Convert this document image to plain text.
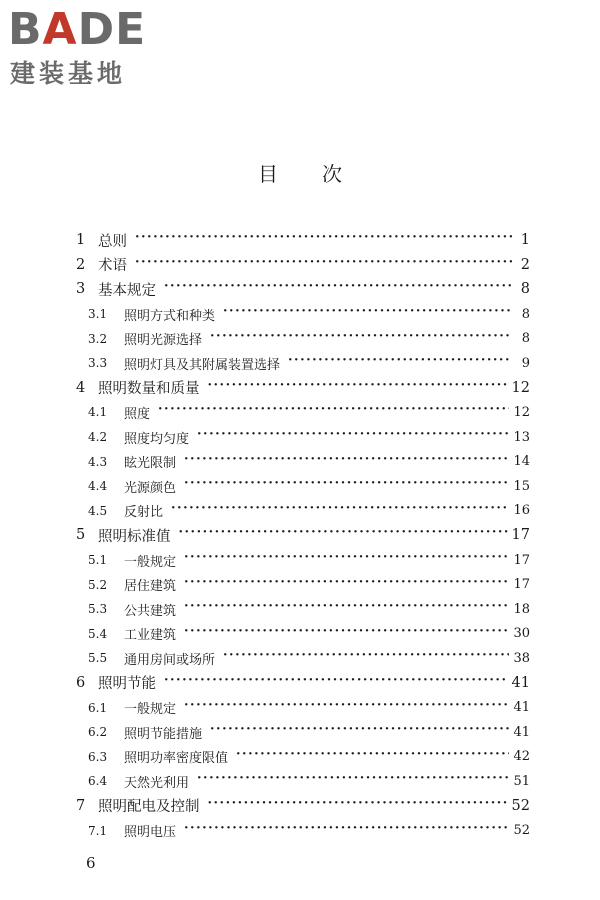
BADE
建装基地
目次
1 总则 ·····	1
2 术语 ·····	2
3 基本规定 ·····	8
3.1	照明方式和种类 ·····	8
3.2	照明光源选择 ·····	8
3.3	照明灯具及其附属装置选择 ·····	9
4 照明数量和质量 ·····	12
4.1	照度 ·····	12
4.2	照度均匀度 ·····	13
4.3	眩光限制 ·····	14
4.4	光源颜色 ·····	15
4.5	反射比 ·····	16
5 照明标准值 ·····	17
5.1	一般规定 ·····	17
5.2	居住建筑 ·····	17
5.3	公共建筑 ·····	18
5.4	工业建筑 ·····	30
5.5	通用房间或场所 ·····	38
6 照明节能 ·····	41
6.1	一般规定 ·····	41
6.2	照明节能措施 ·····	41
6.3	照明功率密度限值 ·····	42
6.4	天然光利用 ·····	51
7 照明配电及控制 ·····	52
7.1	照明电压 ·····	52
6
